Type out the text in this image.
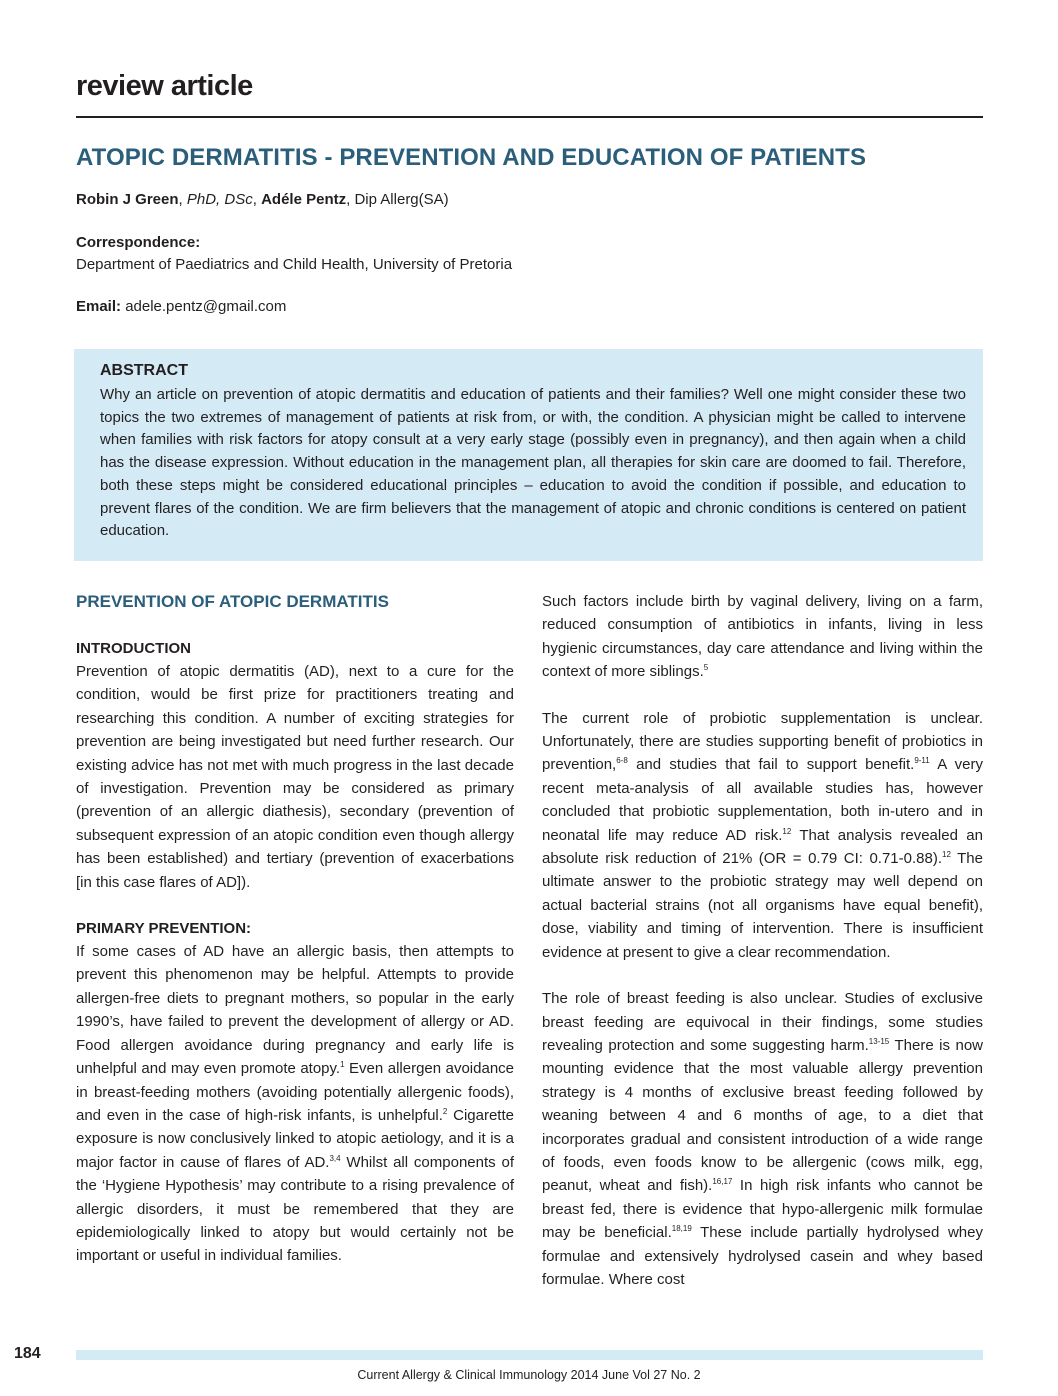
review article
ATOPIC DERMATITIS - PREVENTION AND EDUCATION OF PATIENTS
Robin J Green, PhD, DSc, Adéle Pentz, Dip Allerg(SA)
Correspondence:
Department of Paediatrics and Child Health, University of Pretoria
Email: adele.pentz@gmail.com
ABSTRACT
Why an article on prevention of atopic dermatitis and education of patients and their families? Well one might consider these two topics the two extremes of management of patients at risk from, or with, the condition. A physician might be called to intervene when families with risk factors for atopy consult at a very early stage (possibly even in pregnancy), and then again when a child has the disease expression. Without education in the management plan, all therapies for skin care are doomed to fail. Therefore, both these steps might be considered educational principles – education to avoid the condition if possible, and education to prevent flares of the condition. We are firm believers that the management of atopic and chronic conditions is centered on patient education.
PREVENTION OF ATOPIC DERMATITIS
INTRODUCTION

Prevention of atopic dermatitis (AD), next to a cure for the condition, would be first prize for practitioners treating and researching this condition. A number of exciting strategies for prevention are being investigated but need further research. Our existing advice has not met with much progress in the last decade of investigation. Prevention may be considered as primary (prevention of an allergic diathesis), secondary (prevention of subsequent expression of an atopic condition even though allergy has been established) and tertiary (prevention of exacerbations [in this case flares of AD]).

PRIMARY PREVENTION:

If some cases of AD have an allergic basis, then attempts to prevent this phenomenon may be helpful. Attempts to provide allergen-free diets to pregnant mothers, so popular in the early 1990’s, have failed to prevent the development of allergy or AD. Food allergen avoidance during pregnancy and early life is unhelpful and may even promote atopy.$^1$ Even allergen avoidance in breast-feeding mothers (avoiding potentially allergenic foods), and even in the case of high-risk infants, is unhelpful.$^2$ Cigarette exposure is now conclusively linked to atopic aetiology, and it is a major factor in cause of flares of AD.$^{3,4}$ Whilst all components of the ‘Hygiene Hypothesis’ may contribute to a rising prevalence of allergic disorders, it must be remembered that they are epidemiologically linked to atopy but would certainly not be important or useful in individual families.

Such factors include birth by vaginal delivery, living on a farm, reduced consumption of antibiotics in infants, living in less hygienic circumstances, day care attendance and living within the context of more siblings.$^5$

The current role of probiotic supplementation is unclear. Unfortunately, there are studies supporting benefit of probiotics in prevention,$^{6-8}$ and studies that fail to support benefit.$^{9-11}$ A very recent meta-analysis of all available studies has, however concluded that probiotic supplementation, both in-utero and in neonatal life may reduce AD risk.$^{12}$ That analysis revealed an absolute risk reduction of 21% (OR = 0.79 CI: 0.71-0.88).$^{12}$ The ultimate answer to the probiotic strategy may well depend on actual bacterial strains (not all organisms have equal benefit), dose, viability and timing of intervention. There is insufficient evidence at present to give a clear recommendation.

The role of breast feeding is also unclear. Studies of exclusive breast feeding are equivocal in their findings, some studies revealing protection and some suggesting harm.$^{13-15}$ There is now mounting evidence that the most valuable allergy prevention strategy is 4 months of exclusive breast feeding followed by weaning between 4 and 6 months of age, to a diet that incorporates gradual and consistent introduction of a wide range of foods, even foods know to be allergenic (cows milk, egg, peanut, wheat and fish).$^{16,17}$ In high risk infants who cannot be breast fed, there is evidence that hypo-allergenic milk formulae may be beneficial.$^{18,19}$ These include partially hydrolysed whey formulae and extensively hydrolysed casein and whey based formulae. Where cost

184
Current Allergy & Clinical Immunology 2014 June Vol 27 No. 2
